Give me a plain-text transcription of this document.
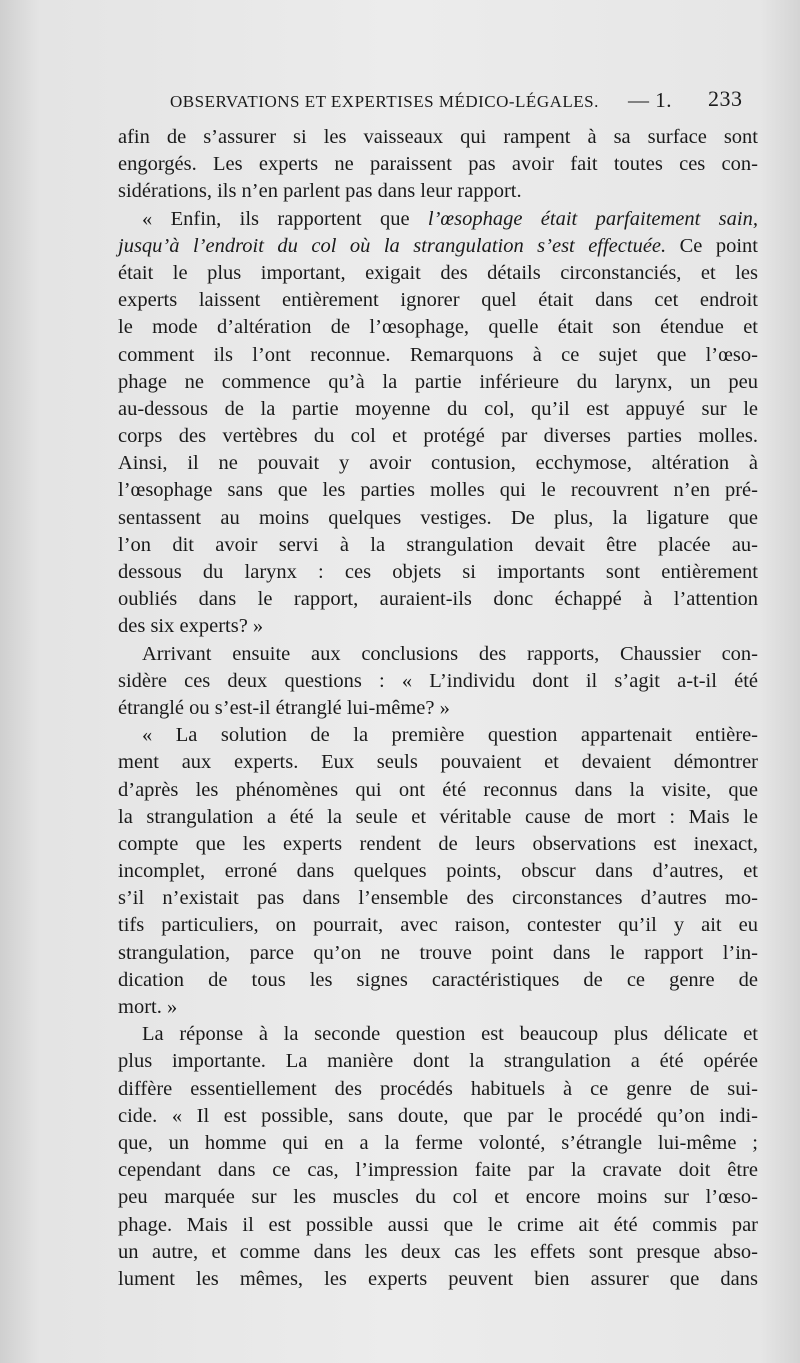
OBSERVATIONS ET EXPERTISES MÉDICO-LÉGALES. — 1. 233
afin de s’assurer si les vaisseaux qui rampent à sa surface sont
engorgés. Les experts ne paraissent pas avoir fait toutes ces con-
sidérations, ils n’en parlent pas dans leur rapport.
« Enfin, ils rapportent que l’œsophage était parfaitement sain,
jusqu’à l’endroit du col où la strangulation s’est effectuée. Ce point
était le plus important, exigait des détails circonstanciés, et les
experts laissent entièrement ignorer quel était dans cet endroit
le mode d’altération de l’œsophage, quelle était son étendue et
comment ils l’ont reconnue. Remarquons à ce sujet que l’œso-
phage ne commence qu’à la partie inférieure du larynx, un peu
au-dessous de la partie moyenne du col, qu’il est appuyé sur le
corps des vertèbres du col et protégé par diverses parties molles.
Ainsi, il ne pouvait y avoir contusion, ecchymose, altération à
l’œsophage sans que les parties molles qui le recouvrent n’en pré-
sentassent au moins quelques vestiges. De plus, la ligature que
l’on dit avoir servi à la strangulation devait être placée au-
dessous du larynx : ces objets si importants sont entièrement
oubliés dans le rapport, auraient-ils donc échappé à l’attention
des six experts? »
Arrivant ensuite aux conclusions des rapports, Chaussier con-
sidère ces deux questions : « L’individu dont il s’agit a-t-il été
étranglé ou s’est-il étranglé lui-même? »
« La solution de la première question appartenait entière-
ment aux experts. Eux seuls pouvaient et devaient démontrer
d’après les phénomènes qui ont été reconnus dans la visite, que
la strangulation a été la seule et véritable cause de mort : Mais le
compte que les experts rendent de leurs observations est inexact,
incomplet, erroné dans quelques points, obscur dans d’autres, et
s’il n’existait pas dans l’ensemble des circonstances d’autres mo-
tifs particuliers, on pourrait, avec raison, contester qu’il y ait eu
strangulation, parce qu’on ne trouve point dans le rapport l’in-
dication de tous les signes caractéristiques de ce genre de
mort. »
La réponse à la seconde question est beaucoup plus délicate et
plus importante. La manière dont la strangulation a été opérée
diffère essentiellement des procédés habituels à ce genre de sui-
cide. « Il est possible, sans doute, que par le procédé qu’on indi-
que, un homme qui en a la ferme volonté, s’étrangle lui-même ;
cependant dans ce cas, l’impression faite par la cravate doit être
peu marquée sur les muscles du col et encore moins sur l’œso-
phage. Mais il est possible aussi que le crime ait été commis par
un autre, et comme dans les deux cas les effets sont presque abso-
lument les mêmes, les experts peuvent bien assurer que dans
